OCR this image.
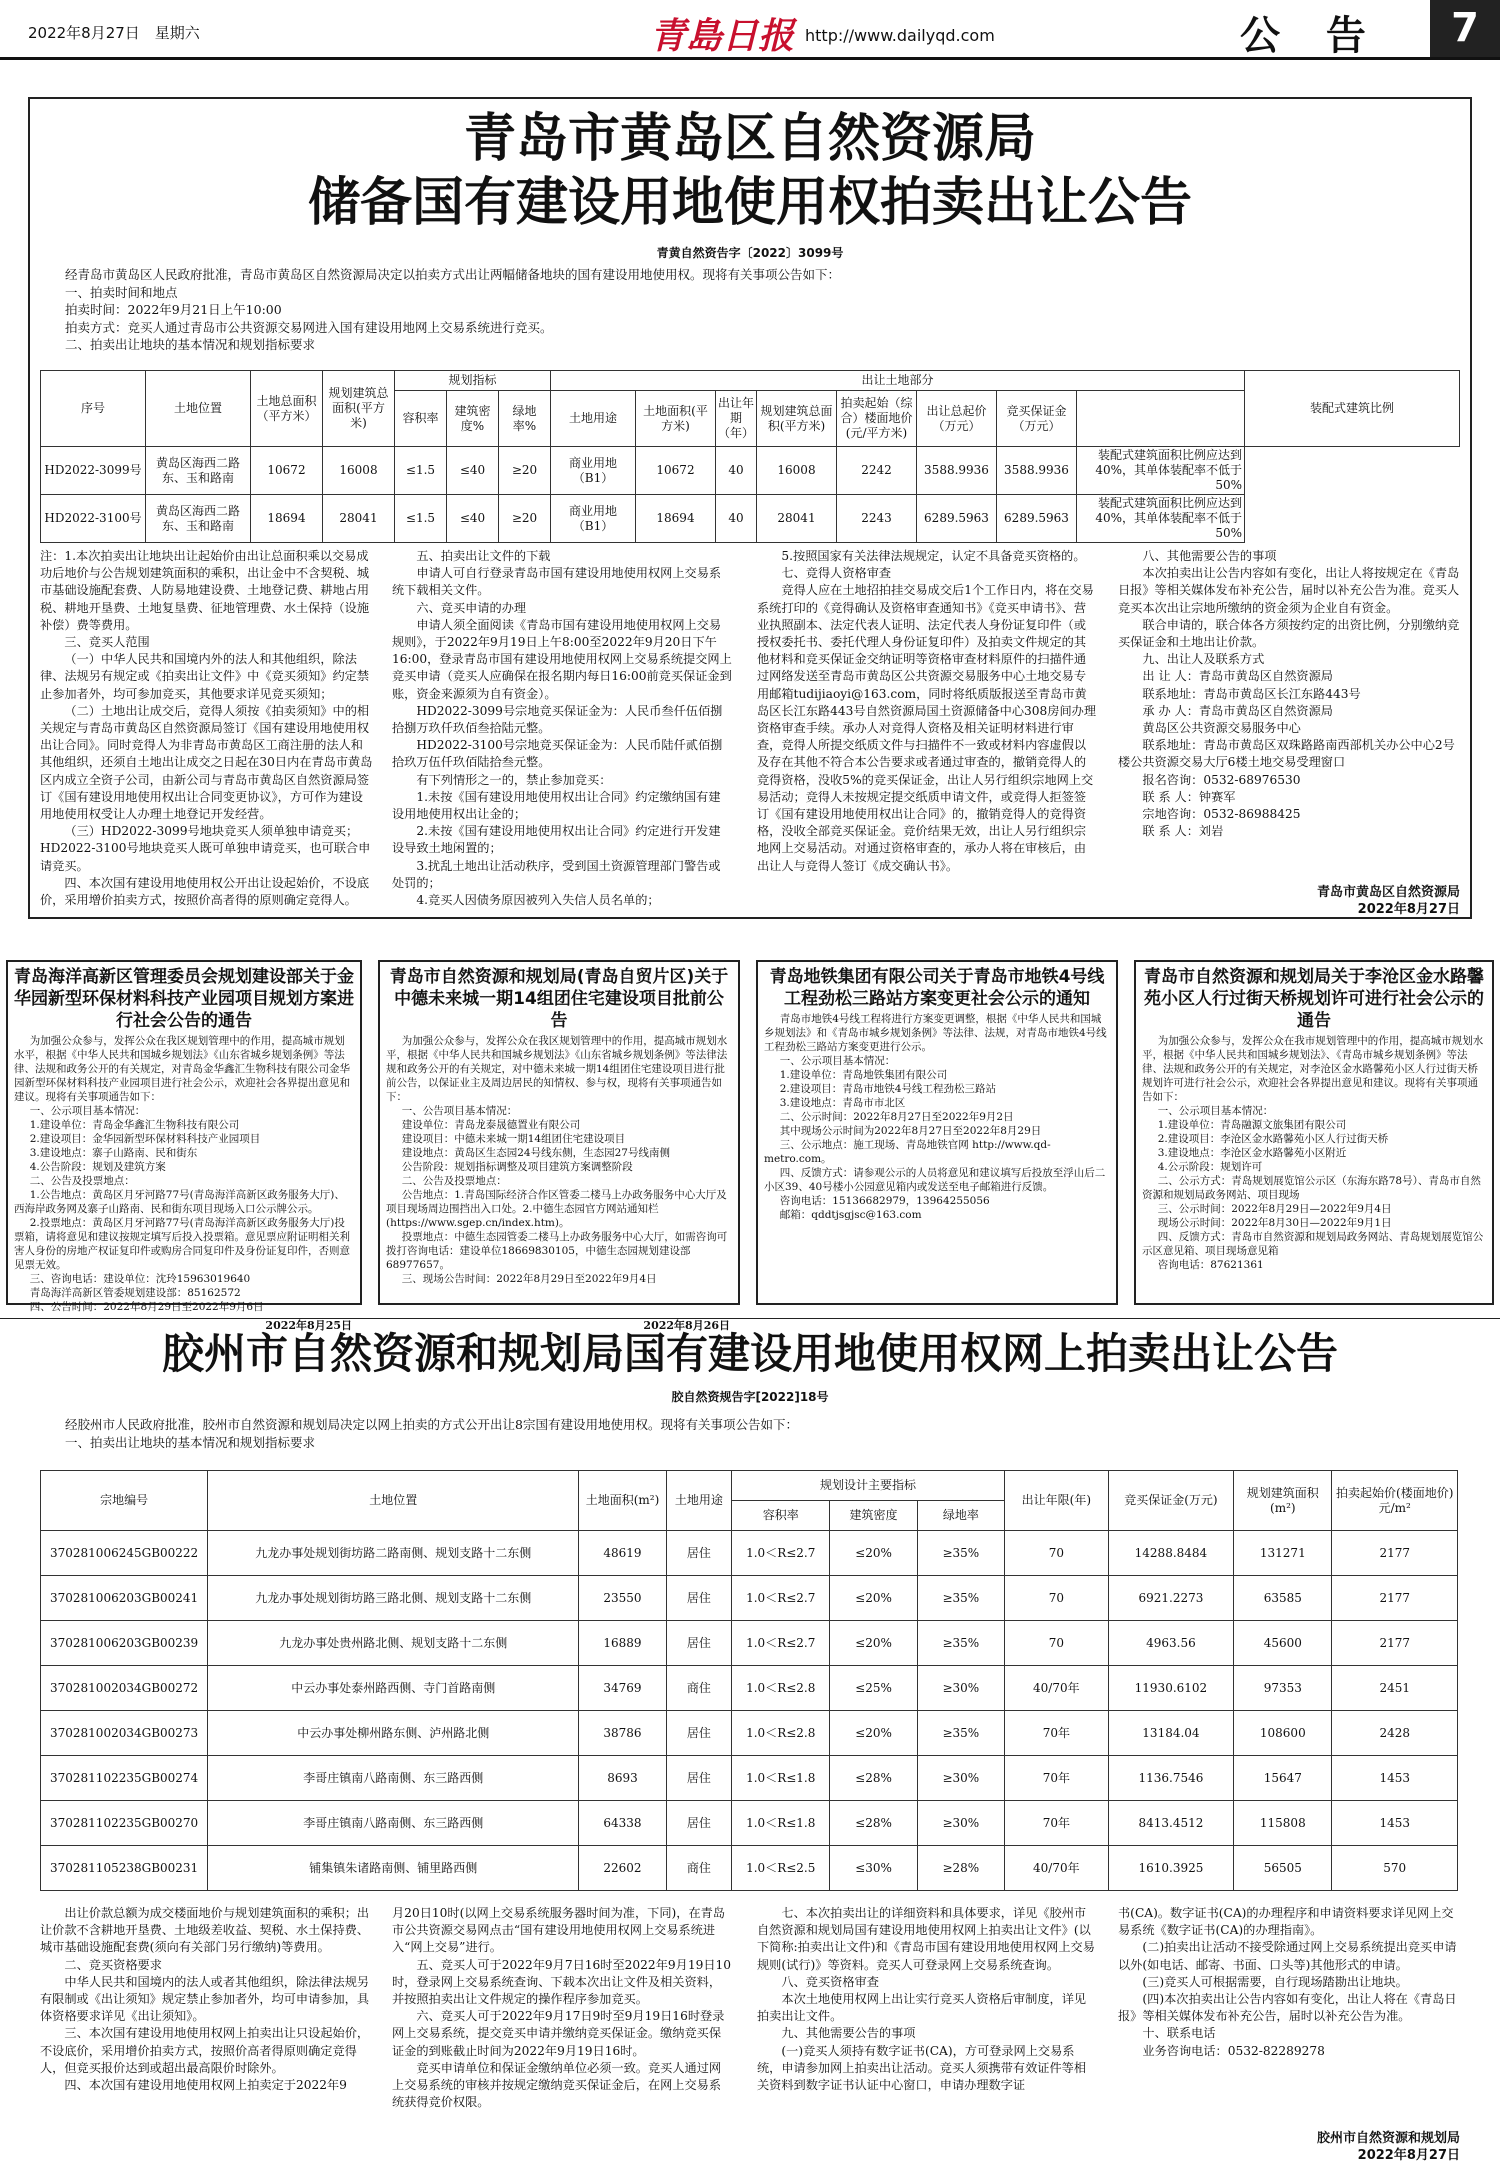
2022年8月27日　星期六	青島日报 http://www.dailyqd.com	公 告	7
青岛市黄岛区自然资源局
储备国有建设用地使用权拍卖出让公告
青黄自然资告字〔2022〕3099号
经青岛市黄岛区人民政府批准，青岛市黄岛区自然资源局决定以拍卖方式出让两幅储备地块的国有建设用地使用权。现将有关事项公告如下：
一、拍卖时间和地点
拍卖时间：2022年9月21日上午10:00
拍卖方式：竞买人通过青岛市公共资源交易网进入国有建设用地网上交易系统进行竞买。
二、拍卖出让地块的基本情况和规划指标要求
序号	土地位置	土地总面积（平方米）	规划建筑总面积(平方米)	规划指标			出让土地部分								装配式建筑比例
				容积率	建筑密度%	绿地率%	土地用途	土地面积(平方米)	出让年期（年）	规划建筑总面积(平方米)	拍卖起始（综合）楼面地价(元/平方米)	出让总起价（万元）	竞买保证金（万元）		
HD2022-3099号	黄岛区海西二路东、玉和路南	10672	16008	≤1.5	≤40	≥20	商业用地（B1）	10672	40	16008	2242	3588.9936	3588.9936	装配式建筑面积比例应达到40%，其单体装配率不低于50%	
HD2022-3100号	黄岛区海西二路东、玉和路南	18694	28041	≤1.5	≤40	≥20	商业用地（B1）	18694	40	28041	2243	6289.5963	6289.5963	装配式建筑面积比例应达到40%，其单体装配率不低于50%	

注：1.本次拍卖出让地块出让起始价由出让总面积乘以交易成功后地价与公告规划建筑面积的乘积，出让金中不含契税、城市基础设施配套费、人防易地建设费、土地登记费、耕地占用税、耕地开垦费、土地复垦费、征地管理费、水土保持（设施补偿）费等费用。

三、竞买人范围

（一）中华人民共和国境内外的法人和其他组织，除法律、法规另有规定或《拍卖出让文件》中《竞买须知》约定禁止参加者外，均可参加竞买，其他要求详见竞买须知；

（二）土地出让成交后，竞得人须按《拍卖须知》中的相关规定与青岛市黄岛区自然资源局签订《国有建设用地使用权出让合同》。同时竞得人为非青岛市黄岛区工商注册的法人和其他组织，还须自土地出让成交之日起在30日内在青岛市黄岛区内成立全资子公司，由新公司与青岛市黄岛区自然资源局签订《国有建设用地使用权出让合同变更协议》，方可作为建设用地使用权受让人办理土地登记开发经营。

（三）HD2022-3099号地块竞买人须单独申请竞买；HD2022-3100号地块竞买人既可单独申请竞买，也可联合申请竞买。

四、本次国有建设用地使用权公开出让设起始价，不设底价，采用增价拍卖方式，按照价高者得的原则确定竞得人。

五、拍卖出让文件的下载

申请人可自行登录青岛市国有建设用地使用权网上交易系统下载相关文件。

六、竞买申请的办理

申请人须全面阅读《青岛市国有建设用地使用权网上交易规则》，于2022年9月19日上午8:00至2022年9月20日下午16:00，登录青岛市国有建设用地使用权网上交易系统提交网上竞买申请（竞买人应确保在报名期内每日16:00前竞买保证金到账，资金来源须为自有资金）。

HD2022-3099号宗地竞买保证金为：人民币叁仟伍佰捌拾捌万玖仟玖佰叁拾陆元整。

HD2022-3100号宗地竞买保证金为：人民币陆仟贰佰捌拾玖万伍仟玖佰陆拾叁元整。

有下列情形之一的，禁止参加竞买：

1.未按《国有建设用地使用权出让合同》约定缴纳国有建设用地使用权出让金的；

2.未按《国有建设用地使用权出让合同》约定进行开发建设导致土地闲置的；

3.扰乱土地出让活动秩序，受到国土资源管理部门警告或处罚的；

4.竞买人因债务原因被列入失信人员名单的；

5.按照国家有关法律法规规定，认定不具备竞买资格的。

七、竞得人资格审查

竞得人应在土地招拍挂交易成交后1个工作日内，将在交易系统打印的《竞得确认及资格审查通知书》《竞买申请书》、营业执照副本、法定代表人证明、法定代表人身份证复印件（或授权委托书、委托代理人身份证复印件）及拍卖文件规定的其他材料和竞买保证金交纳证明等资格审查材料原件的扫描件通过网络发送至青岛市黄岛区公共资源交易服务中心土地交易专用邮箱tudijiaoyi@163.com，同时将纸质版报送至青岛市黄岛区长江东路443号自然资源局国土资源储备中心308房间办理资格审查手续。承办人对竞得人资格及相关证明材料进行审查，竞得人所提交纸质文件与扫描件不一致或材料内容虚假以及存在其他不符合本公告要求或者通过审查的，撤销竞得人的竞得资格，没收5%的竞买保证金，出让人另行组织宗地网上交易活动；竞得人未按规定提交纸质申请文件，或竞得人拒签签订《国有建设用地使用权出让合同》的，撤销竞得人的竞得资格，没收全部竞买保证金。竞价结果无效，出让人另行组织宗地网上交易活动。对通过资格审查的，承办人将在审核后，由出让人与竞得人签订《成交确认书》。

八、其他需要公告的事项

本次拍卖出让公告内容如有变化，出让人将按规定在《青岛日报》等相关媒体发布补充公告，届时以补充公告为准。竞买人竞买本次出让宗地所缴纳的资金须为企业自有资金。

联合申请的，联合体各方须按约定的出资比例，分别缴纳竞买保证金和土地出让价款。

九、出让人及联系方式

出 让 人：青岛市黄岛区自然资源局

联系地址：青岛市黄岛区长江东路443号

承 办 人：青岛市黄岛区自然资源局

黄岛区公共资源交易服务中心

联系地址：青岛市黄岛区双珠路路南西部机关办公中心2号楼公共资源交易大厅6楼土地交易受理窗口

报名咨询：0532-68976530

联 系 人：钟赛军

宗地咨询：0532-86988425

联 系 人：刘岩

青岛市黄岛区自然资源局
2022年8月27日
青岛海洋高新区管理委员会规划建设部关于金华园新型环保材料科技产业园项目规划方案进行社会公告的通告

为加强公众参与，发挥公众在我区规划管理中的作用，提高城市规划水平，根据《中华人民共和国城乡规划法》《山东省城乡规划条例》等法律、法规和政务公开的有关规定，对青岛金华鑫汇生物科技有限公司金华园新型环保材料科技产业园项目进行社会公示，欢迎社会各界提出意见和建议。现将有关事项通告如下：

一、公示项目基本情况：

1.建设单位：青岛金华鑫汇生物科技有限公司

2.建设项目：金华园新型环保材料科技产业园项目

3.建设地点：寨子山路南、民和街东

4.公告阶段：规划及建筑方案

二、公告及投票地点：

1.公告地点：黄岛区月牙河路77号(青岛海洋高新区政务服务大厅)、西海岸政务网及寨子山路南、民和街东项目现场入口公示牌公示。

2.投票地点：黄岛区月牙河路77号(青岛海洋高新区政务服务大厅)投票箱，请将意见和建议按规定填写后投入投票箱。意见票应附证明相关利害人身份的房地产权证复印件或购房合同复印件及身份证复印件，否则意见票无效。

三、咨询电话：建设单位：沈玲15963019640

青岛海洋高新区管委规划建设部：85162572

四、公告时间：2022年8月29日至2022年9月6日

2022年8月25日
青岛市自然资源和规划局(青岛自贸片区)关于中德未来城一期14组团住宅建设项目批前公告

为加强公众参与，发挥公众在我区规划管理中的作用，提高城市规划水平，根据《中华人民共和国城乡规划法》《山东省城乡规划条例》等法律法规和政务公开的有关规定，对中德未来城一期14组团住宅建设项目进行批前公告，以保证业主及周边居民的知情权、参与权，现将有关事项通告如下：

一、公告项目基本情况：

建设单位：青岛龙泰晟德置业有限公司

建设项目：中德未来城一期14组团住宅建设项目

建设地点：黄岛区生态园24号线东侧，生态园27号线南侧

公告阶段：规划指标调整及项目建筑方案调整阶段

二、公告及投票地点：

公告地点：1.青岛国际经济合作区管委二楼马上办政务服务中心大厅及项目现场周边围挡出入口处。2.中德生态园官方网站通知栏(https://www.sgep.cn/index.htm)。

投票地点：中德生态园管委二楼马上办政务服务中心大厅，如需咨询可拨打咨询电话：建设单位18669830105，中德生态园规划建设部68977657。

三、现场公告时间：2022年8月29日至2022年9月4日

2022年8月26日
青岛地铁集团有限公司关于青岛市地铁4号线工程劲松三路站方案变更社会公示的通知

青岛市地铁4号线工程将进行方案变更调整，根据《中华人民共和国城乡规划法》和《青岛市城乡规划条例》等法律、法规，对青岛市地铁4号线工程劲松三路站方案变更进行公示。

一、公示项目基本情况：

1.建设单位：青岛地铁集团有限公司

2.建设项目：青岛市地铁4号线工程劲松三路站

3.建设地点：青岛市市北区

二、公示时间：2022年8月27日至2022年9月2日

其中现场公示时间为2022年8月27日至2022年8月29日

三、公示地点：施工现场、青岛地铁官网 http://www.qd-metro.com。

四、反馈方式：请参观公示的人员将意见和建议填写后投放至浮山后二小区39、40号楼小公园意见箱内或发送至电子邮箱进行反馈。

咨询电话：15136682979，13964255056

邮箱：qddtjsgjsc@163.com

青岛市自然资源和规划局关于李沧区金水路馨苑小区人行过街天桥规划许可进行社会公示的通告

为加强公众参与，发挥公众在我市规划管理中的作用，提高城市规划水平，根据《中华人民共和国城乡规划法》、《青岛市城乡规划条例》等法律、法规和政务公开的有关规定，对李沧区金水路馨苑小区人行过街天桥规划许可进行社会公示，欢迎社会各界提出意见和建议。现将有关事项通告如下：

一、公示项目基本情况：

1.建设单位：青岛融源文旅集团有限公司

2.建设项目：李沧区金水路馨苑小区人行过街天桥

3.建设地点：李沧区金水路馨苑小区附近

4.公示阶段：规划许可

二、公示方式：青岛规划展览馆公示区（东海东路78号）、青岛市自然资源和规划局政务网站、项目现场

三、公示时间：2022年8月29日—2022年9月4日

现场公示时间：2022年8月30日—2022年9月1日

四、反馈方式：青岛市自然资源和规划局政务网站、青岛规划展览馆公示区意见箱、项目现场意见箱

咨询电话：87621361

胶州市自然资源和规划局国有建设用地使用权网上拍卖出让公告
胶自然资规告字[2022]18号
经胶州市人民政府批准，胶州市自然资源和规划局决定以网上拍卖的方式公开出让8宗国有建设用地使用权。现将有关事项公告如下：
一、拍卖出让地块的基本情况和规划指标要求
宗地编号	土地位置	土地面积(m²)	土地用途	规划设计主要指标			出让年限(年)	竞买保证金(万元)	规划建筑面积(m²)	拍卖起始价(楼面地价)元/m²
				容积率	建筑密度	绿地率				
370281006245GB00222	九龙办事处规划街坊路二路南侧、规划支路十二东侧	48619	居住	1.0＜R≤2.7	≤20%	≥35%	70	14288.8484	131271	2177
370281006203GB00241	九龙办事处规划街坊路三路北侧、规划支路十二东侧	23550	居住	1.0＜R≤2.7	≤20%	≥35%	70	6921.2273	63585	2177
370281006203GB00239	九龙办事处贵州路北侧、规划支路十二东侧	16889	居住	1.0＜R≤2.7	≤20%	≥35%	70	4963.56	45600	2177
370281002034GB00272	中云办事处泰州路西侧、寺门首路南侧	34769	商住	1.0＜R≤2.8	≤25%	≥30%	40/70年	11930.6102	97353	2451
370281002034GB00273	中云办事处柳州路东侧、泸州路北侧	38786	居住	1.0＜R≤2.8	≤20%	≥35%	70年	13184.04	108600	2428
370281102235GB00274	李哥庄镇南八路南侧、东三路西侧	8693	居住	1.0＜R≤1.8	≤28%	≥30%	70年	1136.7546	15647	1453
370281102235GB00270	李哥庄镇南八路南侧、东三路西侧	64338	居住	1.0＜R≤1.8	≤28%	≥30%	70年	8413.4512	115808	1453
370281105238GB00231	铺集镇朱诸路南侧、铺里路西侧	22602	商住	1.0＜R≤2.5	≤30%	≥28%	40/70年	1610.3925	56505	570

出让价款总额为成交楼面地价与规划建筑面积的乘积；出让价款不含耕地开垦费、土地级差收益、契税、水土保持费、城市基础设施配套费(须向有关部门另行缴纳)等费用。

二、竞买资格要求

中华人民共和国境内的法人或者其他组织，除法律法规另有限制或《出让须知》规定禁止参加者外，均可申请参加，具体资格要求详见《出让须知》。

三、本次国有建设用地使用权网上拍卖出让只设起始价，不设底价，采用增价拍卖方式，按照价高者得原则确定竞得人，但竞买报价达到或超出最高限价时除外。

四、本次国有建设用地使用权网上拍卖定于2022年9

月20日10时(以网上交易系统服务器时间为准，下同)，在青岛市公共资源交易网点击“国有建设用地使用权网上交易系统进入“网上交易”进行。

五、竞买人可于2022年9月7日16时至2022年9月19日10时，登录网上交易系统查询、下载本次出让文件及相关资料，并按照拍卖出让文件规定的操作程序参加竞买。

六、竞买人可于2022年9月17日9时至9月19日16时登录网上交易系统，提交竞买申请并缴纳竞买保证金。缴纳竞买保证金的到账截止时间为2022年9月19日16时。

竞买申请单位和保证金缴纳单位必须一致。竞买人通过网上交易系统的审核并按规定缴纳竞买保证金后，在网上交易系统获得竞价权限。

七、本次拍卖出让的详细资料和具体要求，详见《胶州市自然资源和规划局国有建设用地使用权网上拍卖出让文件》(以下简称:拍卖出让文件)和《青岛市国有建设用地使用权网上交易规则(试行)》等资料。竞买人可登录网上交易系统查询。

八、竞买资格审查

本次土地使用权网上出让实行竞买人资格后审制度，详见拍卖出让文件。

九、其他需要公告的事项

(一)竞买人须持有数字证书(CA)，方可登录网上交易系统，申请参加网上拍卖出让活动。竞买人须携带有效证件等相关资料到数字证书认证中心窗口，申请办理数字证

书(CA)。数字证书(CA)的办理程序和申请资料要求详见网上交易系统《数字证书(CA)的办理指南》。

(二)拍卖出让活动不接受除通过网上交易系统提出竞买申请以外(如电话、邮寄、书面、口头等)其他形式的申请。

(三)竞买人可根据需要，自行现场踏勘出让地块。

(四)本次拍卖出让公告内容如有变化，出让人将在《青岛日报》等相关媒体发布补充公告，届时以补充公告为准。

十、联系电话

业务咨询电话：0532-82289278

胶州市自然资源和规划局
2022年8月27日
